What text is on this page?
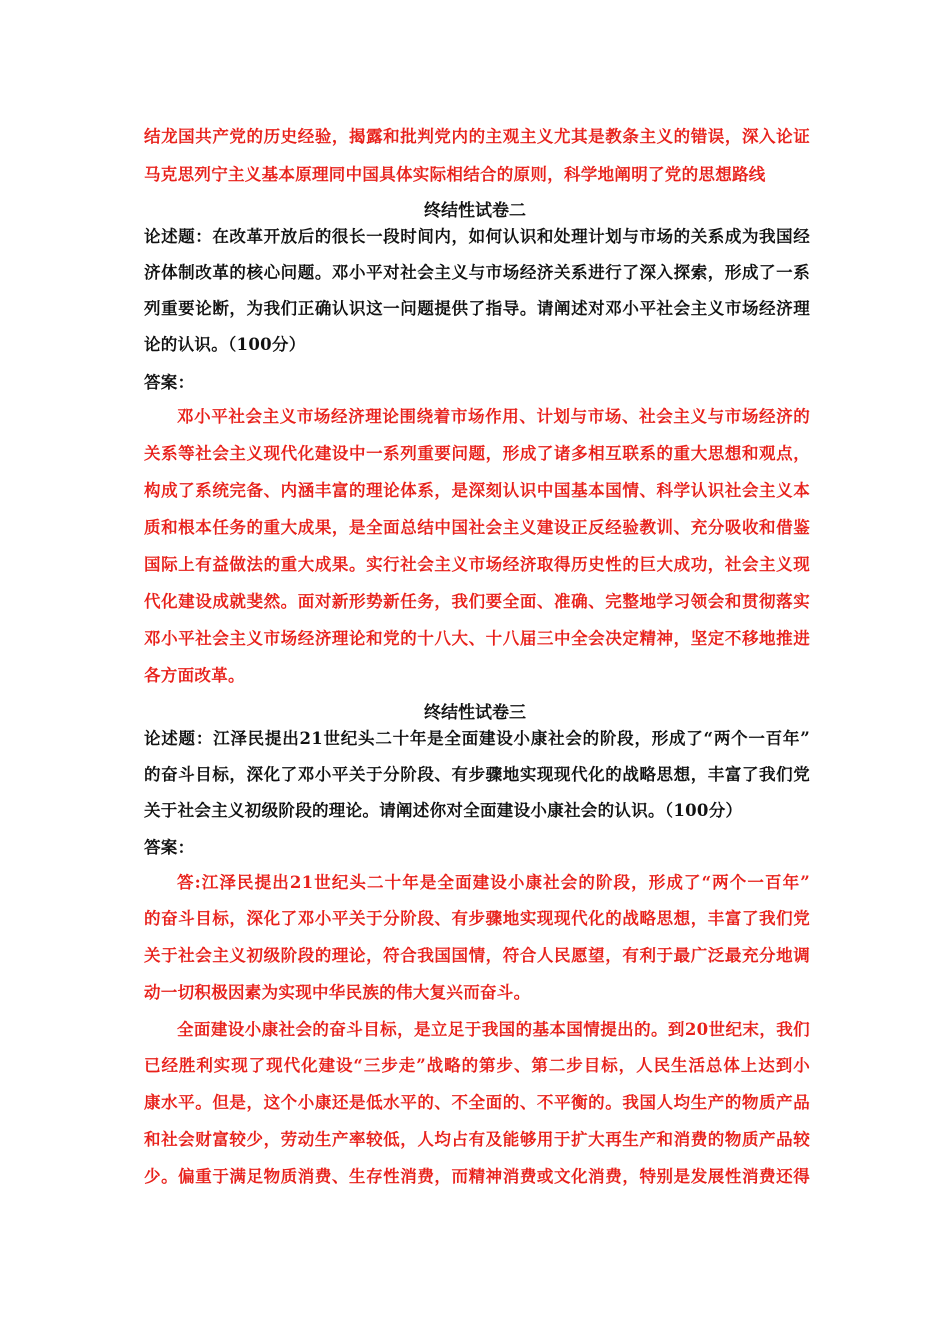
结龙国共产党的历史经验，揭露和批判党内的主观主义尤其是教条主义的错误，深入论证
马克思列宁主义基本原理同中国具体实际相结合的原则，科学地阐明了党的思想路线
终结性试卷二
论述题：在改革开放后的很长一段时间内，如何认识和处理计划与市场的关系成为我国经
济体制改革的核心问题。邓小平对社会主义与市场经济关系进行了深入探索，形成了一系
列重要论断，为我们正确认识这一问题提供了指导。请阐述对邓小平社会主义市场经济理
论的认识。（100分）
答案：
邓小平社会主义市场经济理论围绕着市场作用、计划与市场、社会主义与市场经济的
关系等社会主义现代化建设中一系列重要问题，形成了诸多相互联系的重大思想和观点，
构成了系统完备、内涵丰富的理论体系，是深刻认识中国基本国情、科学认识社会主义本
质和根本任务的重大成果，是全面总结中国社会主义建设正反经验教训、充分吸收和借鉴
国际上有益做法的重大成果。实行社会主义市场经济取得历史性的巨大成功，社会主义现
代化建设成就斐然。面对新形势新任务，我们要全面、准确、完整地学习领会和贯彻落实
邓小平社会主义市场经济理论和党的十八大、十八届三中全会决定精神，坚定不移地推进
各方面改革。
终结性试卷三
论述题：江泽民提出21世纪头二十年是全面建设小康社会的阶段，形成了“两个一百年”
的奋斗目标，深化了邓小平关于分阶段、有步骤地实现现代化的战略思想，丰富了我们党
关于社会主义初级阶段的理论。请阐述你对全面建设小康社会的认识。（100分）
答案：
答:江泽民提出21世纪头二十年是全面建设小康社会的阶段，形成了“两个一百年”
的奋斗目标，深化了邓小平关于分阶段、有步骤地实现现代化的战略思想，丰富了我们党
关于社会主义初级阶段的理论，符合我国国情，符合人民愿望，有利于最广泛最充分地调
动一切积极因素为实现中华民族的伟大复兴而奋斗。
全面建设小康社会的奋斗目标，是立足于我国的基本国情提出的。到20世纪末，我们
已经胜利实现了现代化建设“三步走”战略的第步、第二步目标，人民生活总体上达到小
康水平。但是，这个小康还是低水平的、不全面的、不平衡的。我国人均生产的物质产品
和社会财富较少，劳动生产率较低，人均占有及能够用于扩大再生产和消费的物质产品较
少。偏重于满足物质消费、生存性消费，而精神消费或文化消费，特别是发展性消费还得
